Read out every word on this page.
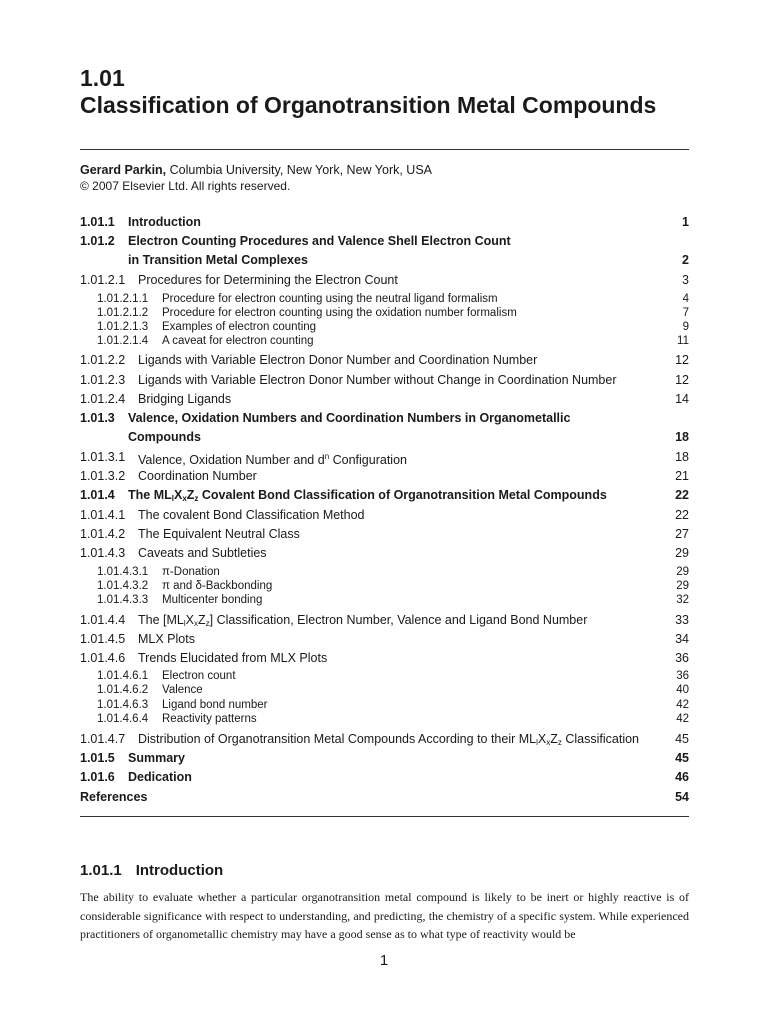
1.01
Classification of Organotransition Metal Compounds
Gerard Parkin, Columbia University, New York, New York, USA
© 2007 Elsevier Ltd. All rights reserved.
1.01.1 Introduction	1
1.01.2 Electron Counting Procedures and Valence Shell Electron Count
in Transition Metal Complexes	2
1.01.2.1 Procedures for Determining the Electron Count	3
1.01.2.1.1 Procedure for electron counting using the neutral ligand formalism	4
1.01.2.1.2 Procedure for electron counting using the oxidation number formalism	7
1.01.2.1.3 Examples of electron counting	9
1.01.2.1.4 A caveat for electron counting	11
1.01.2.2 Ligands with Variable Electron Donor Number and Coordination Number	12
1.01.2.3 Ligands with Variable Electron Donor Number without Change in Coordination Number	12
1.01.2.4 Bridging Ligands	14
1.01.3 Valence, Oxidation Numbers and Coordination Numbers in Organometallic
Compounds	18
1.01.3.1 Valence, Oxidation Number and $d^n$ Configuration	18
1.01.3.2 Coordination Number	21
1.01.4 The MLlXxZz Covalent Bond Classification of Organotransition Metal Compounds	22
1.01.4.1 The covalent Bond Classification Method	22
1.01.4.2 The Equivalent Neutral Class	27
1.01.4.3 Caveats and Subtleties	29
1.01.4.3.1 π-Donation	29
1.01.4.3.2 π and δ-Backbonding	29
1.01.4.3.3 Multicenter bonding	32
1.01.4.4 The [MLlXxZz] Classification, Electron Number, Valence and Ligand Bond Number	33
1.01.4.5 MLX Plots	34
1.01.4.6 Trends Elucidated from MLX Plots	36
1.01.4.6.1 Electron count	36
1.01.4.6.2 Valence	40
1.01.4.6.3 Ligand bond number	42
1.01.4.6.4 Reactivity patterns	42
1.01.4.7 Distribution of Organotransition Metal Compounds According to their MLlXxZz Classification	45
1.01.5 Summary	45
1.01.6 Dedication	46
References	54
1.01.1 Introduction

The ability to evaluate whether a particular organotransition metal compound is likely to be inert or highly reactive is of considerable significance with respect to understanding, and predicting, the chemistry of a specific system. While experienced practitioners of organometallic chemistry may have a good sense as to what type of reactivity would be

1
